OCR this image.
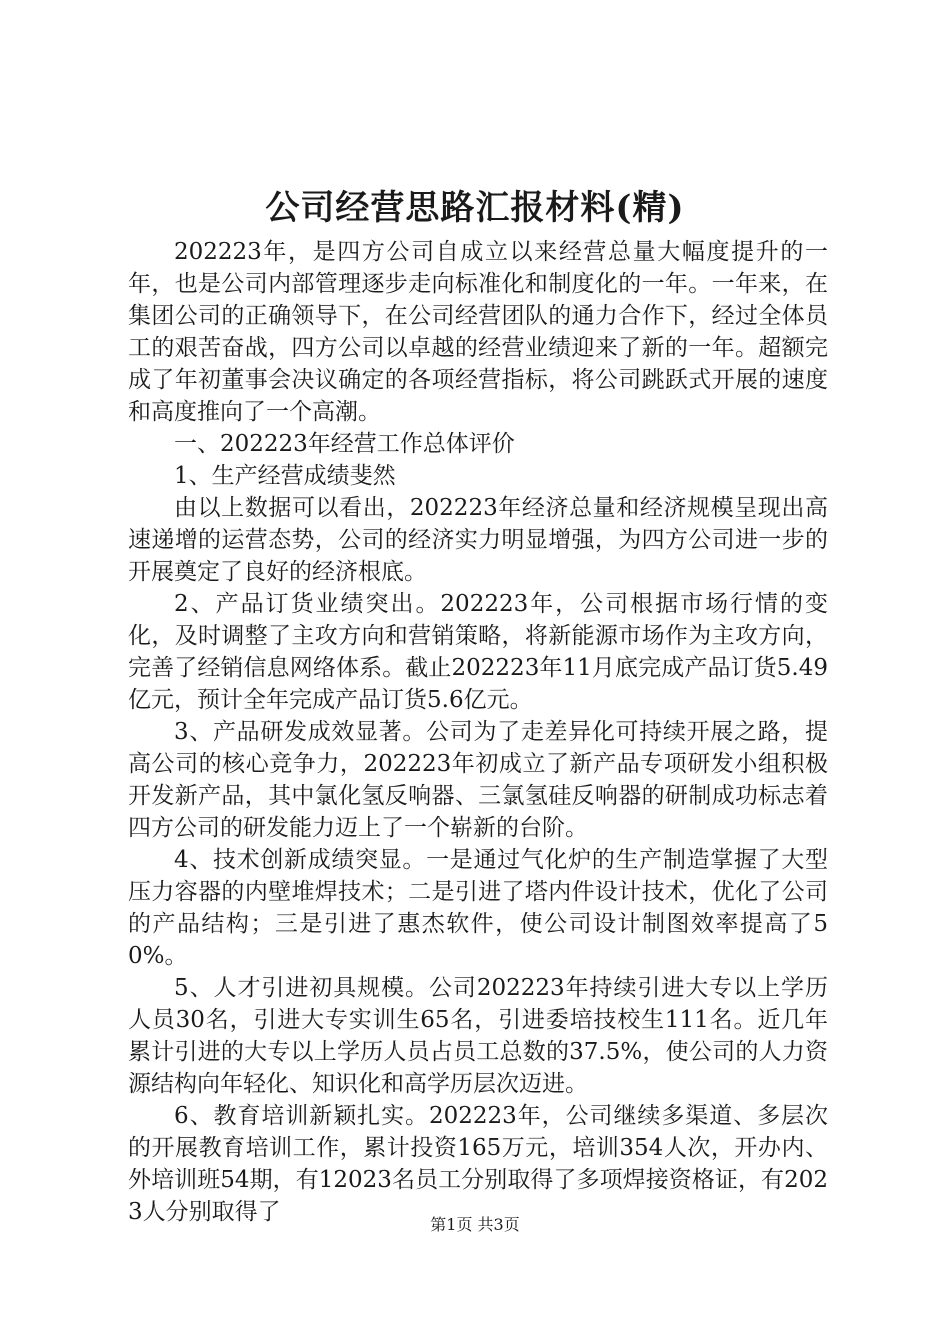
公司经营思路汇报材料(精)

202223年，是四方公司自成立以来经营总量大幅度提升的一年，也是公司内部管理逐步走向标准化和制度化的一年。一年来，在集团公司的正确领导下，在公司经营团队的通力合作下，经过全体员工的艰苦奋战，四方公司以卓越的经营业绩迎来了新的一年。超额完成了年初董事会决议确定的各项经营指标，将公司跳跃式开展的速度和高度推向了一个高潮。

一、202223年经营工作总体评价

1、生产经营成绩斐然

由以上数据可以看出，202223年经济总量和经济规模呈现出高速递增的运营态势，公司的经济实力明显增强，为四方公司进一步的开展奠定了良好的经济根底。

2、产品订货业绩突出。202223年，公司根据市场行情的变化，及时调整了主攻方向和营销策略，将新能源市场作为主攻方向，完善了经销信息网络体系。截止202223年11月底完成产品订货5.49亿元，预计全年完成产品订货5.6亿元。

3、产品研发成效显著。公司为了走差异化可持续开展之路，提高公司的核心竞争力，202223年初成立了新产品专项研发小组积极开发新产品，其中氯化氢反响器、三氯氢硅反响器的研制成功标志着四方公司的研发能力迈上了一个崭新的台阶。

4、技术创新成绩突显。一是通过气化炉的生产制造掌握了大型压力容器的内壁堆焊技术；二是引进了塔内件设计技术，优化了公司的产品结构；三是引进了惠杰软件，使公司设计制图效率提高了50%。

5、人才引进初具规模。公司202223年持续引进大专以上学历人员30名，引进大专实训生65名，引进委培技校生111名。近几年累计引进的大专以上学历人员占员工总数的37.5%，使公司的人力资源结构向年轻化、知识化和高学历层次迈进。

6、教育培训新颖扎实。202223年，公司继续多渠道、多层次的开展教育培训工作，累计投资165万元，培训354人次，开办内、外培训班54期，有12023名员工分别取得了多项焊接资格证，有2023人分别取得了	第1页 共3页
